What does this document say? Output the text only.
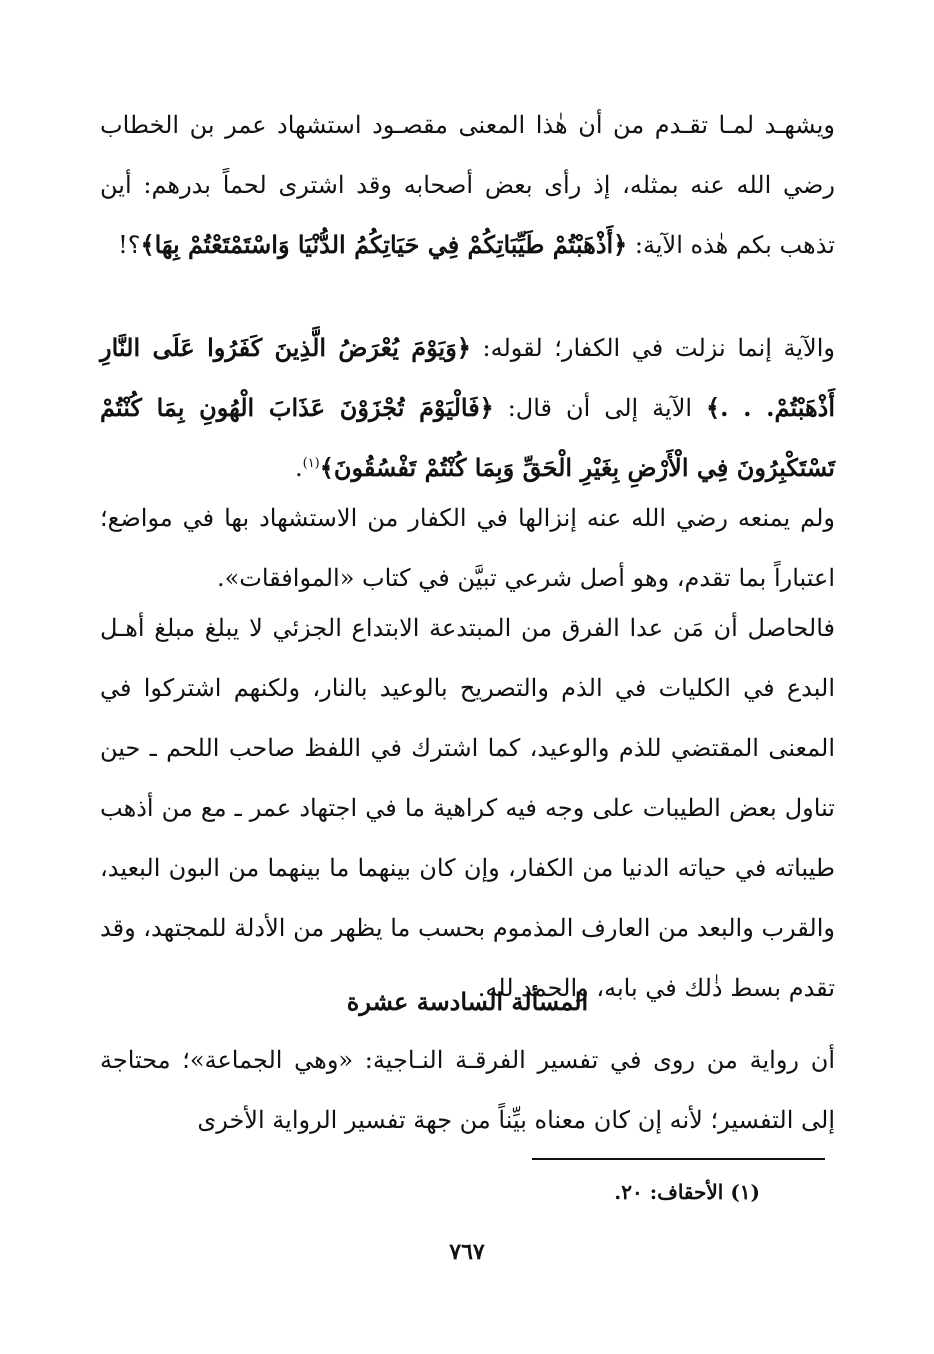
ويشهـد لمـا تقـدم من أن هٰذا المعنى مقصـود استشهاد عمر بن الخطاب رضي الله عنه بمثله، إذ رأى بعض أصحابه وقد اشترى لحماً بدرهم: أين تذهب بكم هٰذه الآية: ﴿أَذْهَبْتُمْ طَيِّبَاتِكُمْ فِي حَيَاتِكُمُ الدُّنْيَا وَاسْتَمْتَعْتُمْ بِهَا﴾؟!

والآية إنما نزلت في الكفار؛ لقوله: ﴿وَيَوْمَ يُعْرَضُ الَّذِينَ كَفَرُوا عَلَى النَّارِ أَذْهَبْتُمْ. . .﴾ الآية إلى أن قال: ﴿فَالْيَوْمَ تُجْزَوْنَ عَذَابَ الْهُونِ بِمَا كُنْتُمْ تَسْتَكْبِرُونَ فِي الْأَرْضِ بِغَيْرِ الْحَقِّ وَبِمَا كُنْتُمْ تَفْسُقُونَ﴾$^{(١)}$.

ولم يمنعه رضي الله عنه إنزالها في الكفار من الاستشهاد بها في مواضع؛ اعتباراً بما تقدم، وهو أصل شرعي تبيَّن في كتاب «الموافقات».

فالحاصل أن مَن عدا الفرق من المبتدعة الابتداع الجزئي لا يبلغ مبلغ أهـل البدع في الكليات في الذم والتصريح بالوعيد بالنار، ولكنهم اشتركوا في المعنى المقتضي للذم والوعيد، كما اشترك في اللفظ صاحب اللحم ـ حين تناول بعض الطيبات على وجه فيه كراهية ما في اجتهاد عمر ـ مع من أذهب طيباته في حياته الدنيا من الكفار، وإن كان بينهما ما بينهما من البون البعيد، والقرب والبعد من العارف المذموم بحسب ما يظهر من الأدلة للمجتهد، وقد تقدم بسط ذٰلك في بابه، والحمد لله.

المسألة السادسة عشرة

أن رواية من روى في تفسير الفرقـة النـاجية: «وهي الجماعة»؛ محتاجة إلى التفسير؛ لأنه إن كان معناه بيِّناً من جهة تفسير الرواية الأخرى

(١) الأحقاف: ٢٠.
٧٦٧
